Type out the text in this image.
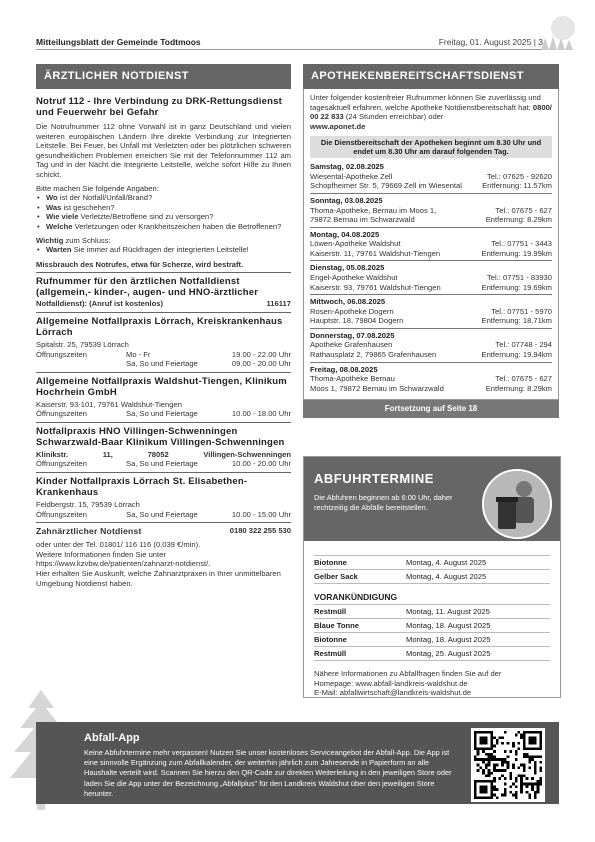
Mitteilungsblatt der Gemeinde Todtmoos	Freitag, 01. August 2025 | 3
ÄRZTLICHER NOTDIENST
Notruf 112 - Ihre Verbindung zu DRK-Rettungsdienst und Feuerwehr bei Gefahr
Die Notrufnummer 112 ohne Vorwahl ist in ganz Deutschland und vielen weiteren europäischen Ländern Ihre direkte Verbindung zur Integrierten Leitstelle. Bei Feuer, bei Unfall mit Verletzten oder bei plötzlichen schweren gesundheitlichen Problemen erreichen Sie mit der Telefonnummer 112 am Tag und in der Nacht die Integrierte Leitstelle, welche sofort Hilfe zu Ihnen schickt.
Bitte machen Sie folgende Angaben:
• Wo ist der Notfall/Unfall/Brand?
• Was ist geschehen?
• Wie viele Verletzte/Betroffene sind zu versorgen?
• Welche Verletzungen oder Krankheitszeichen haben die Betroffenen?
Wichtig zum Schluss:
• Warten Sie immer auf Rückfragen der integrierten Leitstelle!
Missbrauch des Notrufes, etwa für Scherze, wird bestraft.
Rufnummer für den ärztlichen Notfalldienst (allgemein,- kinder-, augen- und HNO-ärztlicher
Notfalldienst): (Anruf ist kostenlos)	116117
Allgemeine Notfallpraxis Lörrach, Kreiskrankenhaus Lörrach
Spitalstr. 25, 79539 Lörrach
Öffnungszeiten	Mo - Fr	19.00 - 22.00 Uhr
Sa, So und Feiertage	09.00 - 20.00 Uhr
Allgemeine Notfallpraxis Waldshut-Tiengen, Klinikum Hochrhein GmbH
Kaiserstr. 93-101, 79761 Waldshut-Tiengen
Öffnungszeiten	Sa, So und Feiertage	10.00 - 18.00 Uhr
Notfallpraxis HNO Villingen-Schwenningen Schwarzwald-Baar Klinikum Villingen-Schwenningen
Klinikstr.	11,	78052	Villingen-Schwenningen
Öffnungszeiten	Sa, So und Feiertage	10.00 - 20.00 Uhr
Kinder Notfallpraxis Lörrach St. Elisabethen-Krankenhaus
Feldbergstr. 15, 79539 Lörrach
Öffnungszeiten	Sa, So und Feiertage	10.00 - 15.00 Uhr
Zahnärztlicher Notdienst	0180 322 255 530
oder unter der Tel. 01801/ 116 116 (0,039 €/min).
Weitere Informationen finden Sie unter
https://www.kzvbw.de/patienten/zahnarzt-notdienst/.
Hier erhalten Sie Auskunft, welche Zahnarztpraxen in Ihrer unmittelbaren Umgebung Notdienst haben.
APOTHEKENBEREITSCHAFTSDIENST
Unter folgender kostenfreier Rufnummer können Sie zuverlässig und tagesaktuell erfahren, welche Apotheke Notdienstbereitschaft hat: 0800/ 00 22 833 (24 Stunden erreichbar) oder
www.aponet.de
Die Dienstbereitschaft der Apotheken beginnt um 8.30 Uhr und endet um 8.30 Uhr am darauf folgenden Tag.
Samstag, 02.08.2025
Wiesental-Apotheke Zell	Tel.: 07625 - 92620
Schopfheimer Str. 5, 79669 Zell im Wiesental	Entfernung: 11.57km
Sonntag, 03.08.2025
Thoma-Apotheke, Bernau im Moos 1,	Tel.: 07675 - 627
79872 Bernau im Schwarzwald	Entfernung: 8.29km
Montag, 04.08.2025
Löwen-Apotheke Waldshut	Tel.: 07751 - 3443
Kaiserstr. 11, 79761 Waldshut-Tiengen	Entfernung: 19.99km
Dienstag, 05.08.2025
Engel-Apotheke Waldshut	Tel.: 07751 - 83930
Kaiserstr. 93, 79761 Waldshut-Tiengen	Entfernung: 19.69km
Mittwoch, 06.08.2025
Rosen-Apotheke Dogern	Tel.: 07751 - 5970
Hauptstr. 18, 79804 Dogern	Entfernung: 18.71km
Donnerstag, 07.08.2025
Apotheke Grafenhausen	Tel.: 07748 - 294
Rathausplatz 2, 79865 Grafenhausen	Entfernung: 19.94km
Freitag, 08.08.2025
Thoma-Apotheke Bernau	Tel.: 07675 - 627
Moos 1, 79872 Bernau im Schwarzwald	Entfernung: 8.29km
Fortsetzung auf Seite 18
ABFUHRTERMINE
Die Abfuhren beginnen ab 6:00 Uhr, daher rechtzeitig die Abfälle bereitstellen.
Biotonne	Montag, 4. August 2025
Gelber Sack	Montag, 4. August 2025
VORANKÜNDIGUNG
Restmüll	Montag, 11. August 2025
Blaue Tonne	Montag, 18. August 2025
Biotonne	Montag, 18. August 2025
Restmüll	Montag, 25. August 2025
Nähere Informationen zu Abfallfragen finden Sie auf der
Homepage: www.abfall-landkreis-waldshut.de
E-Mail: abfallwirtschaft@landkreis-waldshut.de
Abfall-App
Keine Abfuhrtermine mehr verpassen! Nutzen Sie unser kostenloses Serviceangebot der Abfall-App. Die App ist eine sinnvolle Ergänzung zum Abfallkalender, der weiterhin jährlich zum Jahresende in Papierform an alle Haushalte verteilt wird. Scannen Sie hierzu den QR-Code zur direkten Weiterleitung in den jeweiligen Store oder laden Sie die App unter der Bezeichnung „Abfallplus" für den Landkreis Waldshut über den jeweiligen Store herunter.
